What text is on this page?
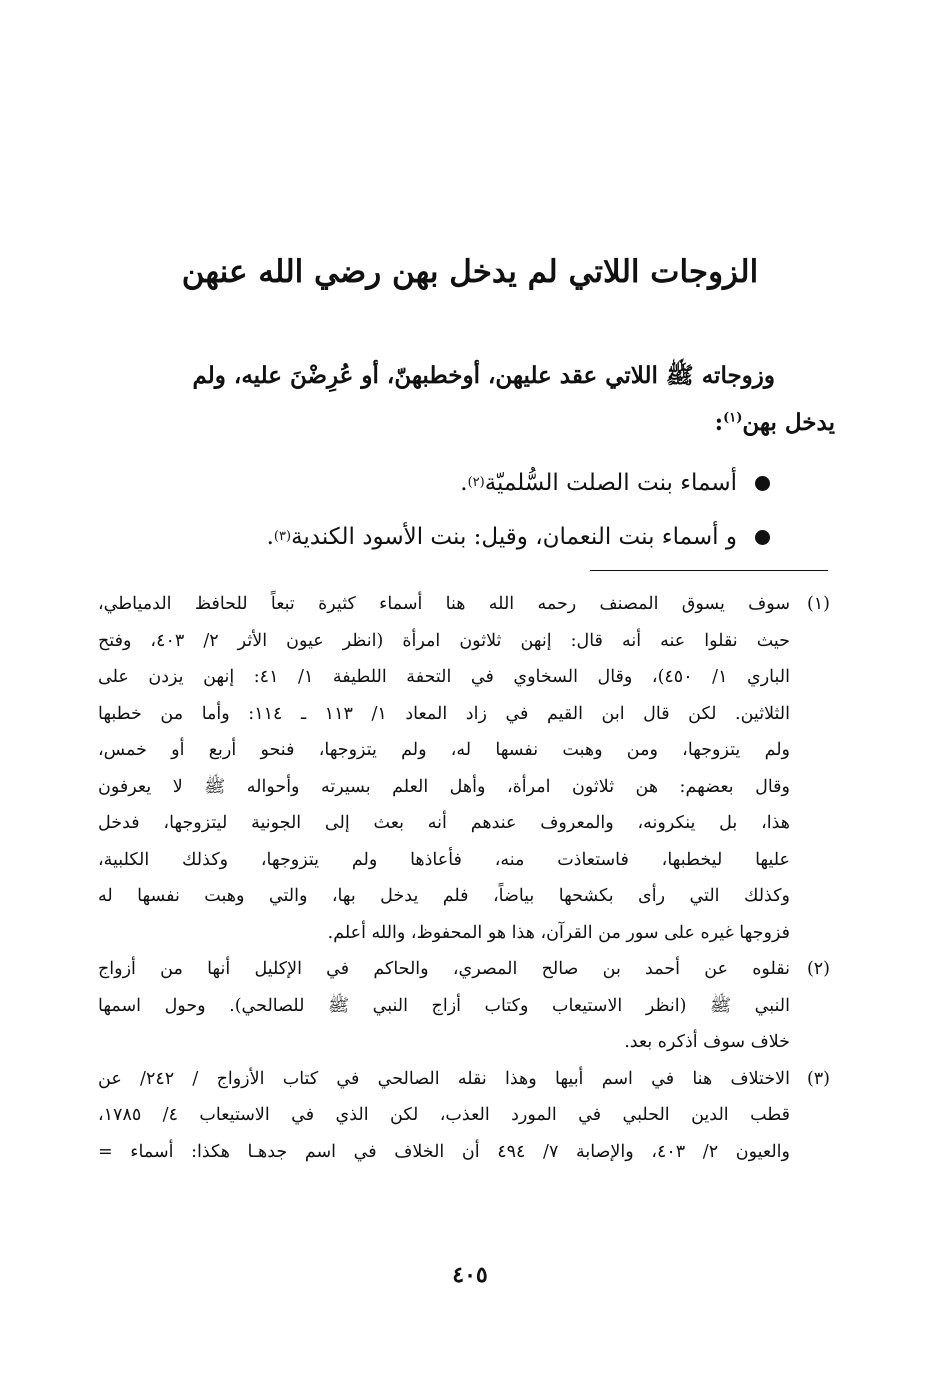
الزوجات اللاتي لم يدخل بهن رضي الله عنهن
وزوجاته ﷺ اللاتي عقد عليهن، أوخطبهنّ، أو عُرِضْنَ عليه، ولم
يدخل بهن$^{(١)}$:
أسماء بنت الصلت السُّلميّة
(٢)
.
و أسماء بنت النعمان، وقيل: بنت الأسود الكندية
(٣)
.
(١)
سوف يسوق المصنف رحمه الله هنا أسماء كثيرة تبعاً للحافظ الدمياطي،
حيث نقلوا عنه أنه قال: إنهن ثلاثون امرأة (انظر عيون الأثر ٢/ ٤٠٣، وفتح
الباري ١/ ٤٥٠)، وقال السخاوي في التحفة اللطيفة ١/ ٤١: إنهن يزدن على
الثلاثين. لكن قال ابن القيم في زاد المعاد ١/ ١١٣ ـ ١١٤: وأما من خطبها
ولم يتزوجها، ومن وهبت نفسها له، ولم يتزوجها، فنحو أربع أو خمس،
وقال بعضهم: هن ثلاثون امرأة، وأهل العلم بسيرته وأحواله ﷺ لا يعرفون
هذا، بل ينكرونه، والمعروف عندهم أنه بعث إلى الجونية ليتزوجها، فدخل
عليها ليخطبها، فاستعاذت منه، فأعاذها ولم يتزوجها، وكذلك الكلبية،
وكذلك التي رأى بكشحها بياضاً، فلم يدخل بها، والتي وهبت نفسها له
فزوجها غيره على سور من القرآن، هذا هو المحفوظ، والله أعلم.
(٢)
نقلوه عن أحمد بن صالح المصري، والحاكم في الإكليل أنها من أزواج
النبي ﷺ (انظر الاستيعاب وكتاب أزاج النبي ﷺ للصالحي). وحول اسمها
خلاف سوف أذكره بعد.
(٣)
الاختلاف هنا في اسم أبيها وهذا نقله الصالحي في كتاب الأزواج / ٢٤٢/ عن
قطب الدين الحلبي في المورد العذب، لكن الذي في الاستيعاب ٤/ ١٧٨٥،
والعيون ٢/ ٤٠٣، والإصابة ٧/ ٤٩٤ أن الخلاف في اسم جدهـا هكذا: أسماء =
٤٠٥
